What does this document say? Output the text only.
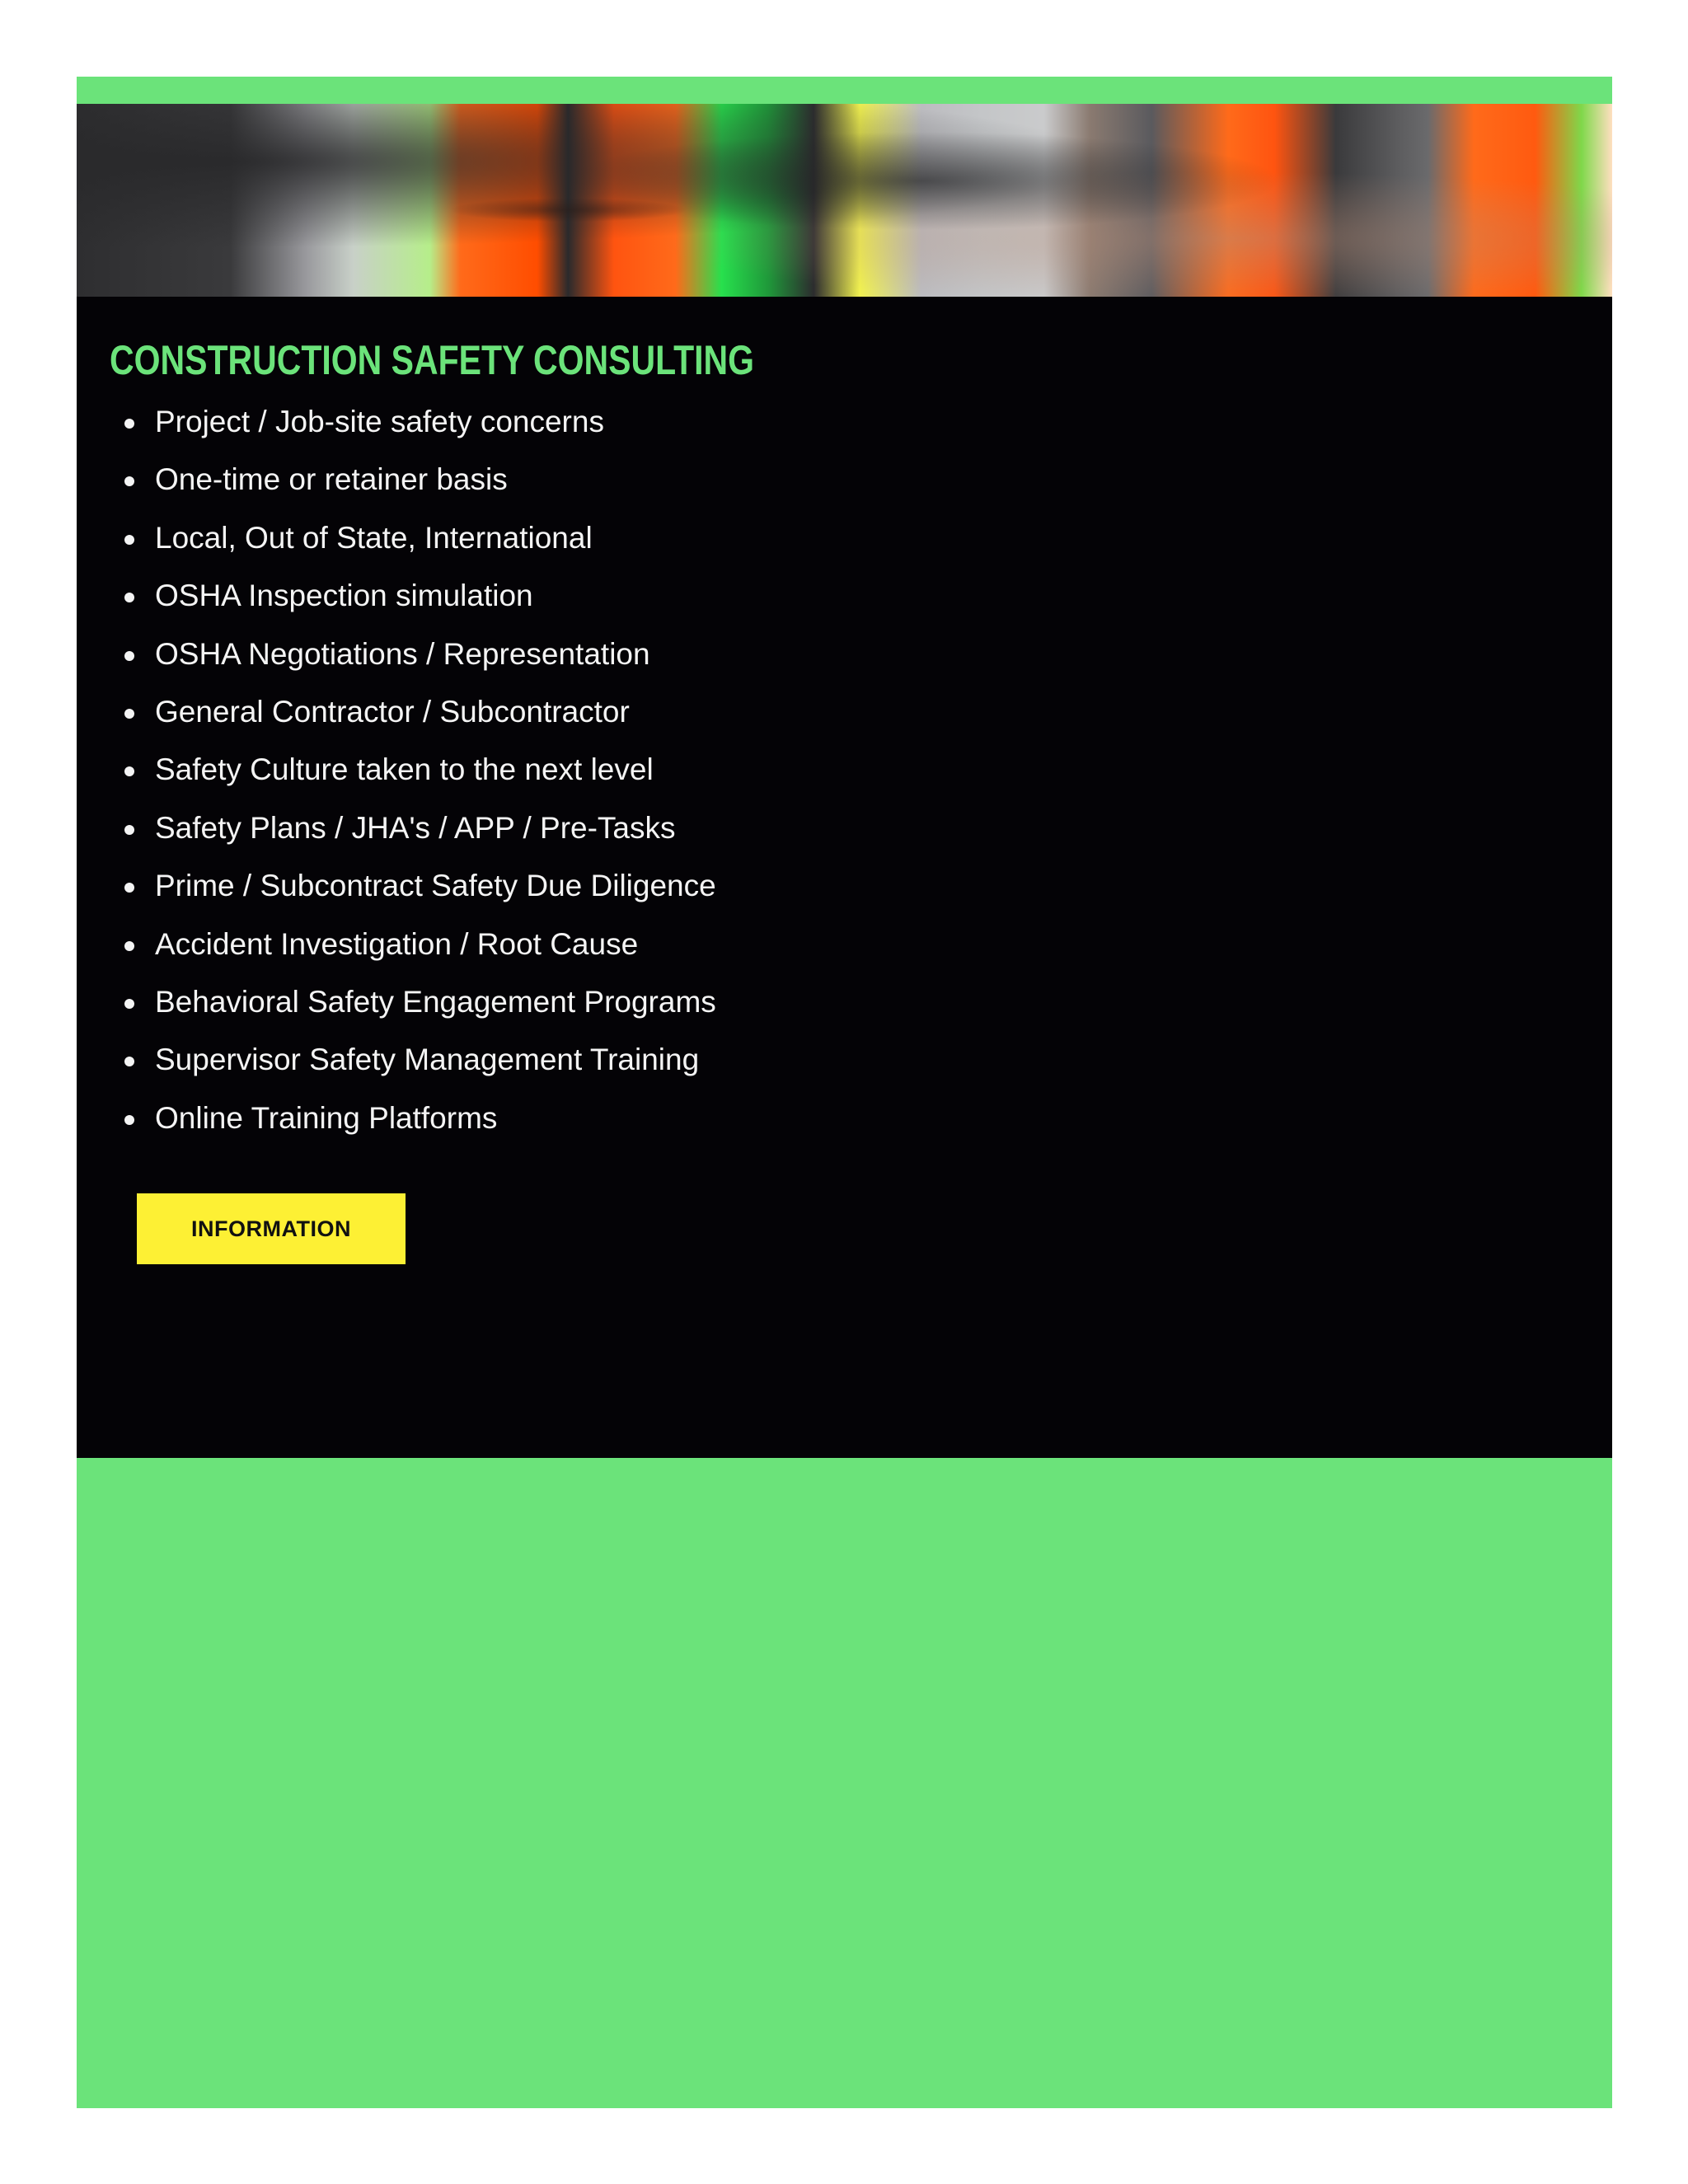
CONSTRUCTION SAFETY CONSULTING
Project / Job-site safety concerns
One-time or retainer basis
Local, Out of State, International
OSHA Inspection simulation
OSHA Negotiations / Representation
General Contractor / Subcontractor
Safety Culture taken to the next level
Safety Plans / JHA's / APP / Pre-Tasks
Prime / Subcontract Safety Due Diligence
Accident Investigation / Root Cause
Behavioral Safety Engagement Programs
Supervisor Safety Management Training
Online Training Platforms
INFORMATION
